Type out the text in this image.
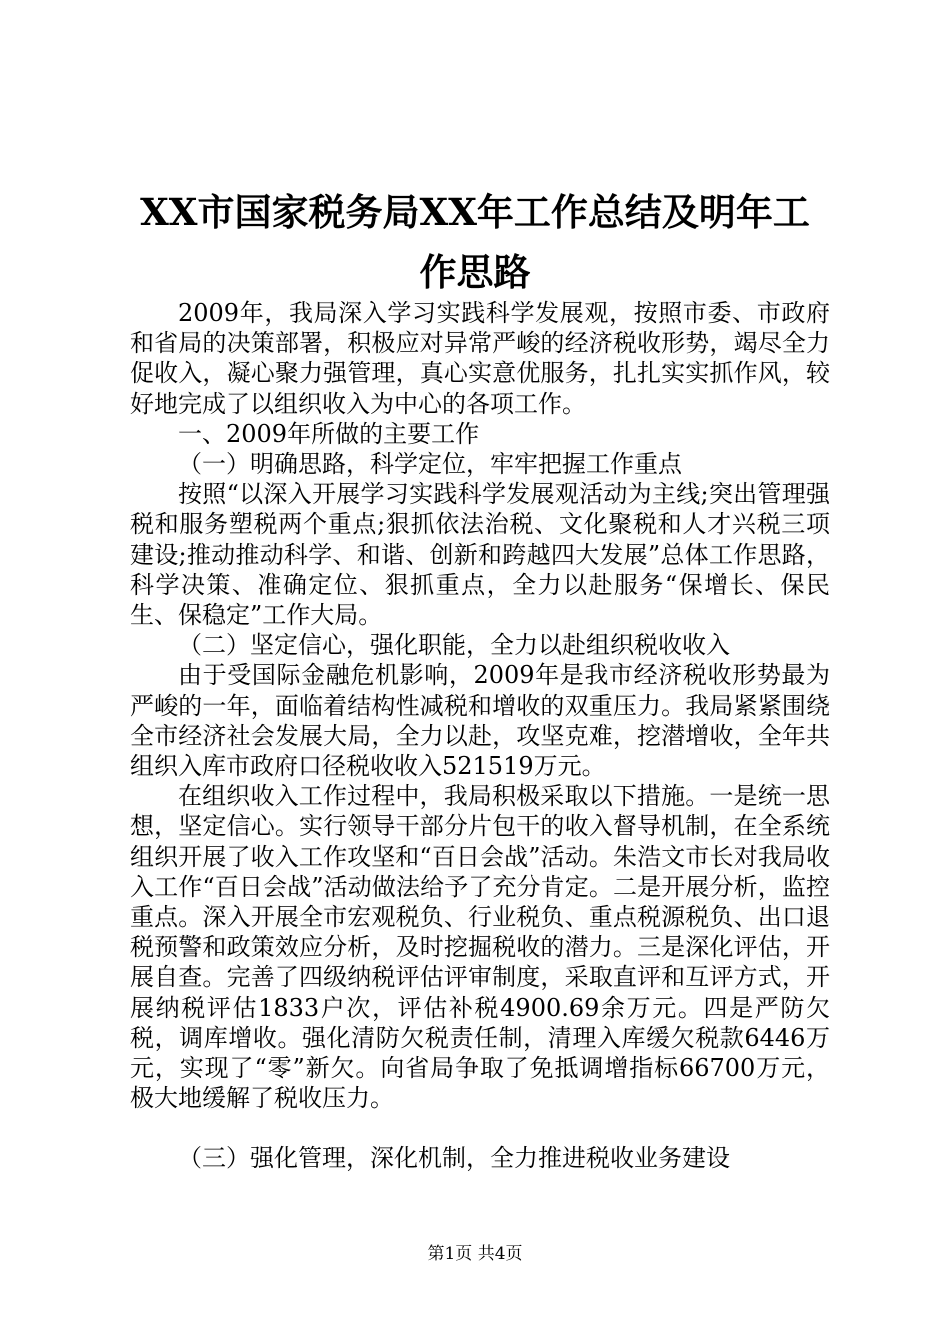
XX市国家税务局XX年工作总结及明年工作思路

2009年，我局深入学习实践科学发展观，按照市委、市政府和省局的决策部署，积极应对异常严峻的经济税收形势，竭尽全力促收入，凝心聚力强管理，真心实意优服务，扎扎实实抓作风，较好地完成了以组织收入为中心的各项工作。

一、2009年所做的主要工作

（一）明确思路，科学定位，牢牢把握工作重点

按照“以深入开展学习实践科学发展观活动为主线;突出管理强税和服务塑税两个重点;狠抓依法治税、文化聚税和人才兴税三项建设;推动推动科学、和谐、创新和跨越四大发展”总体工作思路，科学决策、准确定位、狠抓重点，全力以赴服务“保增长、保民生、保稳定”工作大局。

（二）坚定信心，强化职能，全力以赴组织税收收入

由于受国际金融危机影响，2009年是我市经济税收形势最为严峻的一年，面临着结构性减税和增收的双重压力。我局紧紧围绕全市经济社会发展大局，全力以赴，攻坚克难，挖潜增收，全年共组织入库市政府口径税收收入521519万元。

在组织收入工作过程中，我局积极采取以下措施。一是统一思想，坚定信心。实行领导干部分片包干的收入督导机制，在全系统组织开展了收入工作攻坚和“百日会战”活动。朱浩文市长对我局收入工作“百日会战”活动做法给予了充分肯定。二是开展分析，监控重点。深入开展全市宏观税负、行业税负、重点税源税负、出口退税预警和政策效应分析，及时挖掘税收的潜力。三是深化评估，开展自查。完善了四级纳税评估评审制度，采取直评和互评方式，开展纳税评估1833户次，评估补税4900.69余万元。四是严防欠税，调库增收。强化清防欠税责任制，清理入库缓欠税款6446万元，实现了“零”新欠。向省局争取了免抵调增指标66700万元，极大地缓解了税收压力。

（三）强化管理，深化机制，全力推进税收业务建设

第1页 共4页
